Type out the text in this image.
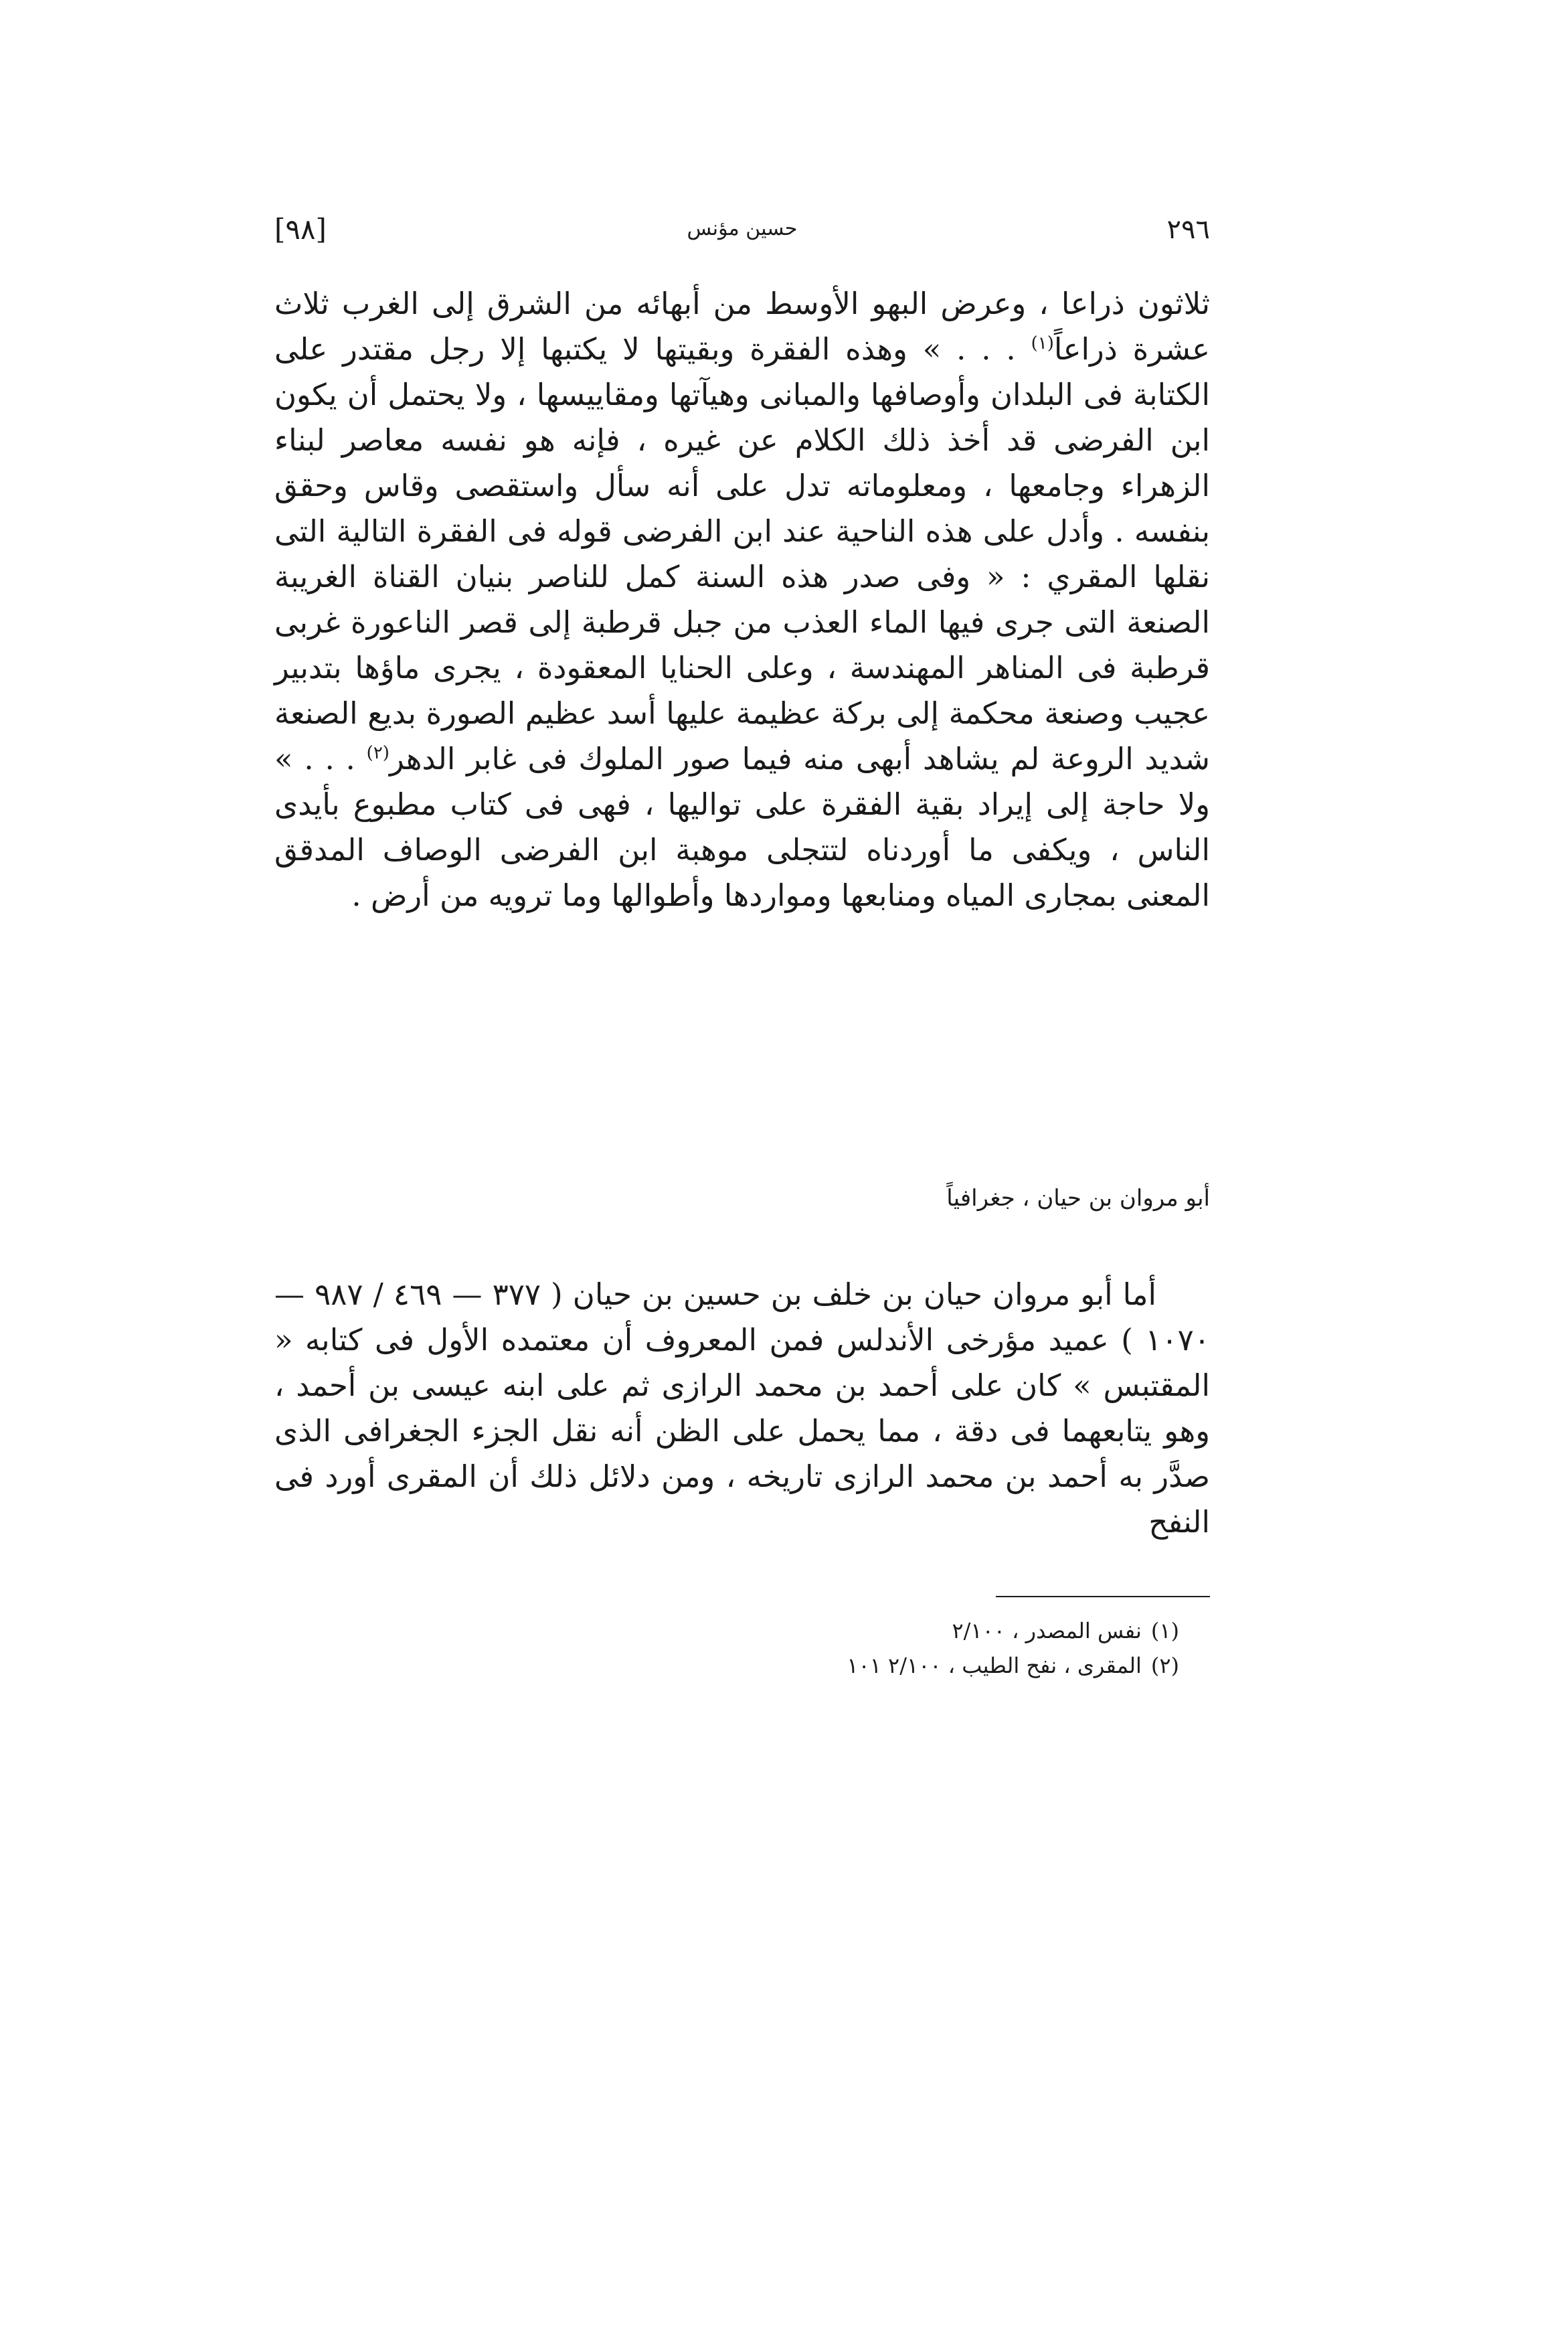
٢٩٦
حسين مؤنس
[٩٨]
ثلاثون ذراعا ، وعرض البهو الأوسط من أبهائه من الشرق إلى الغرب ثلاث عشرة ذراعاً$^{(١)}$ . . . » وهذه الفقرة وبقيتها لا يكتبها إلا رجل مقتدر على الكتابة فى البلدان وأوصافها والمبانى وهيآتها ومقاييسها ، ولا يحتمل أن يكون ابن الفرضى قد أخذ ذلك الكلام عن غيره ، فإنه هو نفسه معاصر لبناء الزهراء وجامعها ، ومعلوماته تدل على أنه سأل واستقصى وقاس وحقق بنفسه . وأدل على هذه الناحية عند ابن الفرضى قوله فى الفقرة التالية التى نقلها المقري : « وفى صدر هذه السنة كمل للناصر بنيان القناة الغريبة الصنعة التى جرى فيها الماء العذب من جبل قرطبة إلى قصر الناعورة غربى قرطبة فى المناهر المهندسة ، وعلى الحنايا المعقودة ، يجرى ماؤها بتدبير عجيب وصنعة محكمة إلى بركة عظيمة عليها أسد عظيم الصورة بديع الصنعة شديد الروعة لم يشاهد أبهى منه فيما صور الملوك فى غابر الدهر$^{(٢)}$ . . . » ولا حاجة إلى إيراد بقية الفقرة على تواليها ، فهى فى كتاب مطبوع بأيدى الناس ، ويكفى ما أوردناه لتتجلى موهبة ابن الفرضى الوصاف المدقق المعنى بمجارى المياه ومنابعها ومواردها وأطوالها وما ترويه من أرض .
أبو مروان بن حيان ، جغرافياً
أما أبو مروان حيان بن خلف بن حسين بن حيان ( ٣٧٧ — ٤٦٩ / ٩٨٧ — ١٠٧٠ ) عميد مؤرخى الأندلس فمن المعروف أن معتمده الأول فى كتابه « المقتبس » كان على أحمد بن محمد الرازى ثم على ابنه عيسى بن أحمد ، وهو يتابعهما فى دقة ، مما يحمل على الظن أنه نقل الجزء الجغرافى الذى صدَّر به أحمد بن محمد الرازى تاريخه ، ومن دلائل ذلك أن المقرى أورد فى النفح
(١)نفس المصدر ، ٢/١٠٠
(٢)المقرى ، نفح الطيب ، ٢/١٠٠ ١٠١
